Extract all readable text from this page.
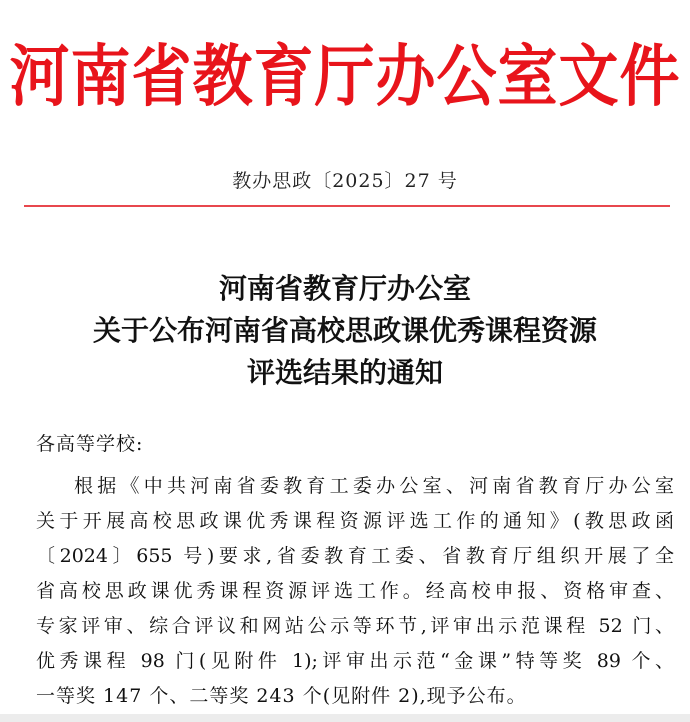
河南省教育厅办公室文件
教办思政〔2025〕27 号
河南省教育厅办公室
关于公布河南省高校思政课优秀课程资源
评选结果的通知
各高等学校:
根据《中共河南省委教育工委办公室、河南省教育厅办公室
关于开展高校思政课优秀课程资源评选工作的通知》(教思政函
〔2024〕655 号)要求,省委教育工委、省教育厅组织开展了全
省高校思政课优秀课程资源评选工作。经高校申报、资格审查、
专家评审、综合评议和网站公示等环节,评审出示范课程 52 门、
优秀课程 98 门(见附件 1);评审出示范“金课”特等奖 89 个、
一等奖 147 个、二等奖 243 个(见附件 2),现予公布。
